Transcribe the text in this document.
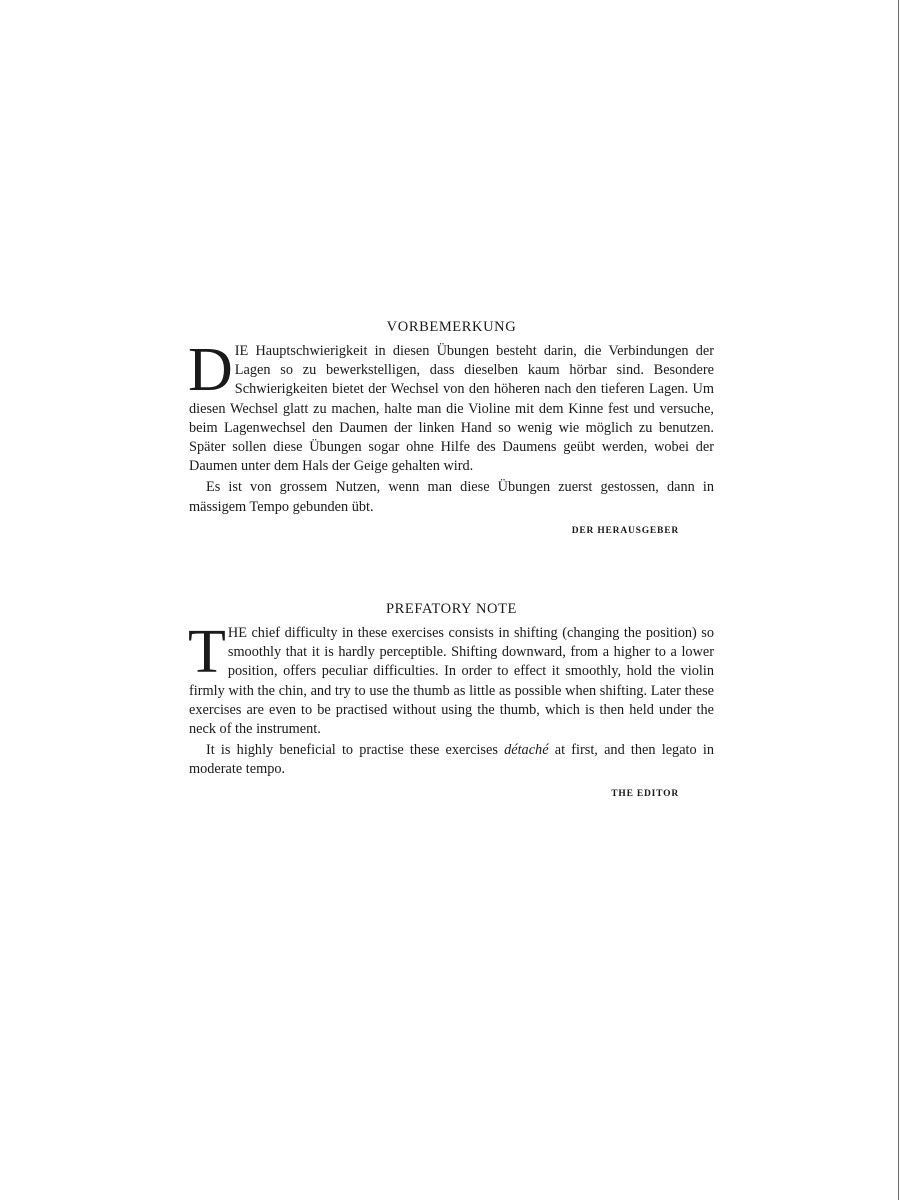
VORBEMERKUNG

DIE Hauptschwierigkeit in diesen Übungen besteht darin, die Verbindungen der Lagen so zu bewerkstelligen, dass dieselben kaum hörbar sind. Besondere Schwierigkeiten bietet der Wechsel von den höheren nach den tieferen Lagen. Um diesen Wechsel glatt zu machen, halte man die Violine mit dem Kinne fest und versuche, beim Lagenwechsel den Daumen der linken Hand so wenig wie möglich zu benutzen. Später sollen diese Übungen sogar ohne Hilfe des Daumens geübt werden, wobei der Daumen unter dem Hals der Geige gehalten wird.

Es ist von grossem Nutzen, wenn man diese Übungen zuerst gestossen, dann in mässigem Tempo gebunden übt.

DER HERAUSGEBER
PREFATORY NOTE

THE chief difficulty in these exercises consists in shifting (changing the position) so smoothly that it is hardly perceptible. Shifting downward, from a higher to a lower position, offers peculiar difficulties. In order to effect it smoothly, hold the violin firmly with the chin, and try to use the thumb as little as possible when shifting. Later these exercises are even to be practised without using the thumb, which is then held under the neck of the instrument.

It is highly beneficial to practise these exercises détaché at first, and then legato in moderate tempo.

THE EDITOR
